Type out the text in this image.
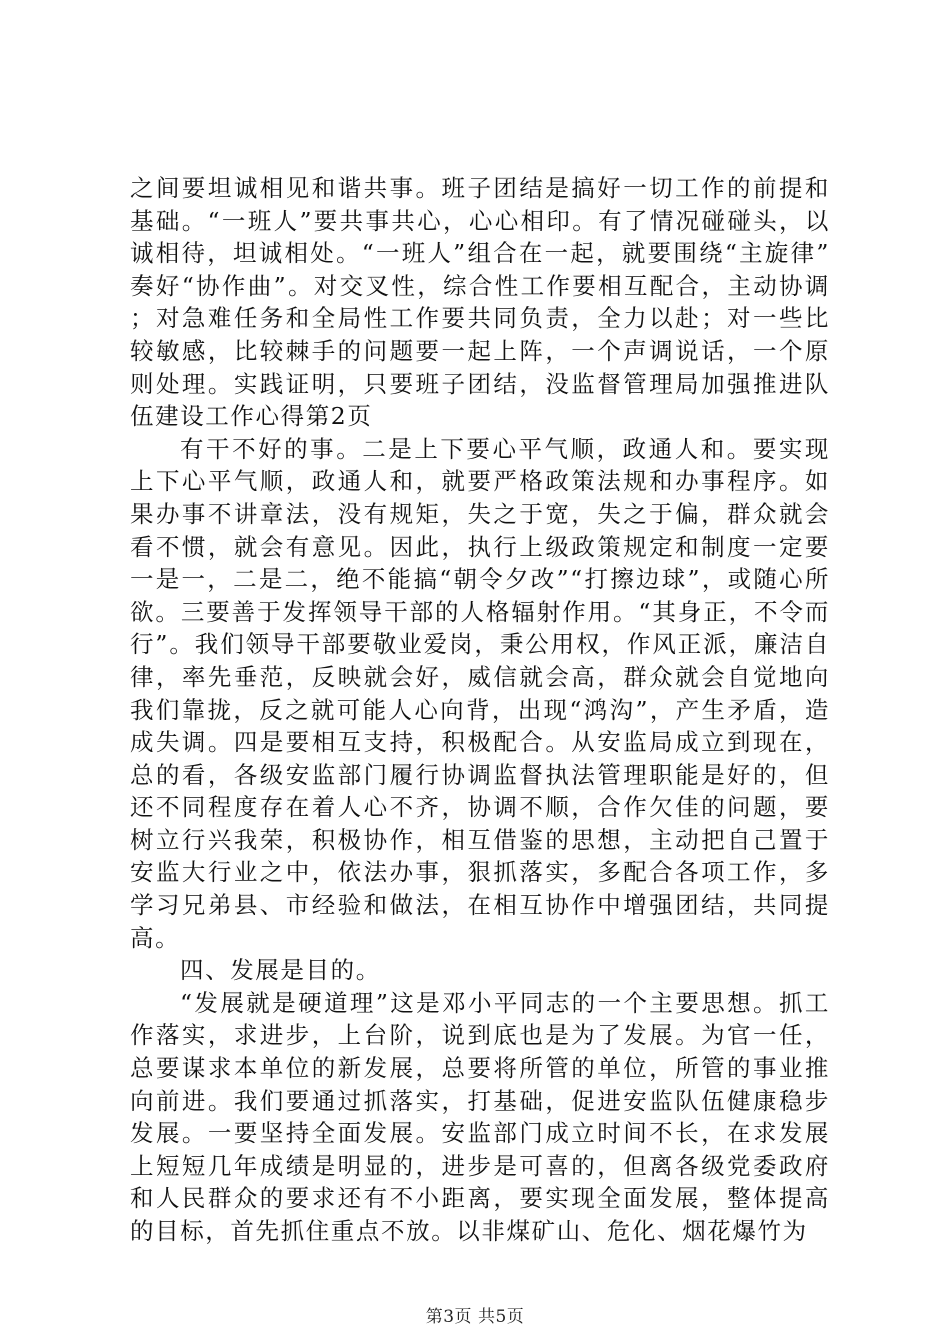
之间要坦诚相见和谐共事。班子团结是搞好一切工作的前提和基础。“一班人”要共事共心，心心相印。有了情况碰碰头，以诚相待，坦诚相处。“一班人”组合在一起，就要围绕“主旋律”奏好“协作曲”。对交叉性，综合性工作要相互配合，主动协调；对急难任务和全局性工作要共同负责，全力以赴；对一些比较敏感，比较棘手的问题要一起上阵，一个声调说话，一个原则处理。实践证明，只要班子团结，没监督管理局加强推进队伍建设工作心得第2页

有干不好的事。二是上下要心平气顺，政通人和。要实现上下心平气顺，政通人和，就要严格政策法规和办事程序。如果办事不讲章法，没有规矩，失之于宽，失之于偏，群众就会看不惯，就会有意见。因此，执行上级政策规定和制度一定要一是一，二是二，绝不能搞“朝令夕改”“打擦边球”，或随心所欲。三要善于发挥领导干部的人格辐射作用。“其身正，不令而行”。我们领导干部要敬业爱岗，秉公用权，作风正派，廉洁自律，率先垂范，反映就会好，威信就会高，群众就会自觉地向我们靠拢，反之就可能人心向背，出现“鸿沟”，产生矛盾，造成失调。四是要相互支持，积极配合。从安监局成立到现在，总的看，各级安监部门履行协调监督执法管理职能是好的，但还不同程度存在着人心不齐，协调不顺，合作欠佳的问题，要树立行兴我荣，积极协作，相互借鉴的思想，主动把自己置于安监大行业之中，依法办事，狠抓落实，多配合各项工作，多学习兄弟县、市经验和做法，在相互协作中增强团结，共同提高。

四、发展是目的。

“发展就是硬道理”这是邓小平同志的一个主要思想。抓工作落实，求进步，上台阶，说到底也是为了发展。为官一任，总要谋求本单位的新发展，总要将所管的单位，所管的事业推向前进。我们要通过抓落实，打基础，促进安监队伍健康稳步发展。一要坚持全面发展。安监部门成立时间不长，在求发展上短短几年成绩是明显的，进步是可喜的，但离各级党委政府和人民群众的要求还有不小距离，要实现全面发展，整体提高的目标，首先抓住重点不放。以非煤矿山、危化、烟花爆竹为

第3页 共5页
